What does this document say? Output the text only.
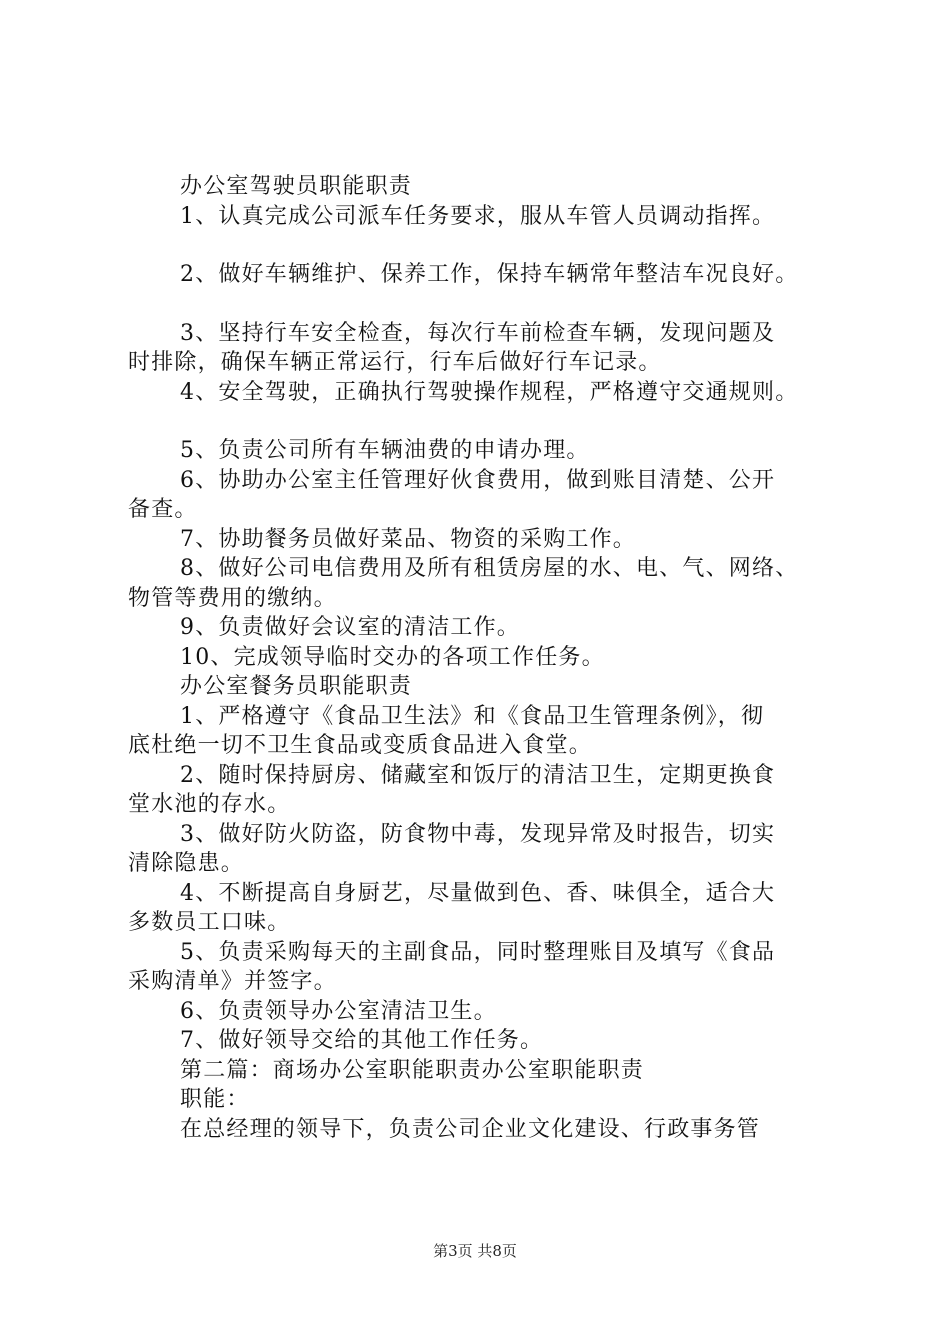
办公室驾驶员职能职责
1、认真完成公司派车任务要求，服从车管人员调动指挥。
2、做好车辆维护、保养工作，保持车辆常年整洁车况良好。
3、坚持行车安全检查，每次行车前检查车辆，发现问题及
时排除，确保车辆正常运行，行车后做好行车记录。
4、安全驾驶，正确执行驾驶操作规程，严格遵守交通规则。
5、负责公司所有车辆油费的申请办理。
6、协助办公室主任管理好伙食费用，做到账目清楚、公开
备查。
7、协助餐务员做好菜品、物资的采购工作。
8、做好公司电信费用及所有租赁房屋的水、电、气、网络、
物管等费用的缴纳。
9、负责做好会议室的清洁工作。
10、完成领导临时交办的各项工作任务。
办公室餐务员职能职责
1、严格遵守《食品卫生法》和《食品卫生管理条例》，彻
底杜绝一切不卫生食品或变质食品进入食堂。
2、随时保持厨房、储藏室和饭厅的清洁卫生，定期更换食
堂水池的存水。
3、做好防火防盗，防食物中毒，发现异常及时报告，切实
清除隐患。
4、不断提高自身厨艺，尽量做到色、香、味俱全，适合大
多数员工口味。
5、负责采购每天的主副食品，同时整理账目及填写《食品
采购清单》并签字。
6、负责领导办公室清洁卫生。
7、做好领导交给的其他工作任务。
第二篇：商场办公室职能职责办公室职能职责
职能：
在总经理的领导下，负责公司企业文化建设、行政事务管
第3页 共8页
